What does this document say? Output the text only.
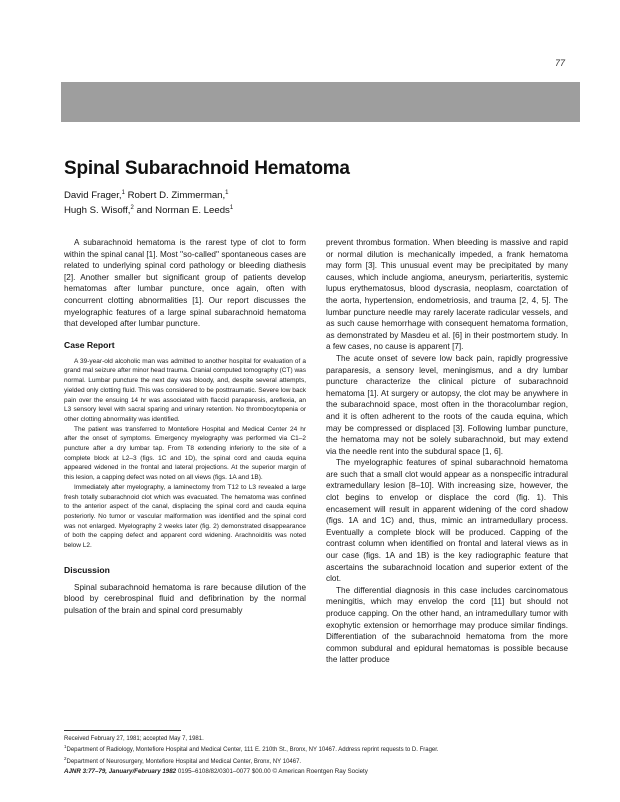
77
Spinal Subarachnoid Hematoma
David Frager,$^1$ Robert D. Zimmerman,$^1$
Hugh S. Wisoff,$^2$ and Norman E. Leeds$^1$

A subarachnoid hematoma is the rarest type of clot to form within the spinal canal [1]. Most ''so-called'' spontaneous cases are related to underlying spinal cord pathology or bleeding diathesis [2]. Another smaller but significant group of patients develop hematomas after lumbar puncture, once again, often with concurrent clotting abnormalities [1]. Our report discusses the myelographic features of a large spinal subarachnoid hematoma that developed after lumbar puncture.

Case Report

A 39-year-old alcoholic man was admitted to another hospital for evaluation of a grand mal seizure after minor head trauma. Cranial computed tomography (CT) was normal. Lumbar puncture the next day was bloody, and, despite several attempts, yielded only clotting fluid. This was considered to be posttraumatic. Severe low back pain over the ensuing 14 hr was associated with flaccid paraparesis, areflexia, an L3 sensory level with sacral sparing and urinary retention. No thrombocytopenia or other clotting abnormality was identified.

The patient was transferred to Montefiore Hospital and Medical Center 24 hr after the onset of symptoms. Emergency myelography was performed via C1–2 puncture after a dry lumbar tap. From T8 extending inferiorly to the site of a complete block at L2–3 (figs. 1C and 1D), the spinal cord and cauda equina appeared widened in the frontal and lateral projections. At the superior margin of this lesion, a capping defect was noted on all views (figs. 1A and 1B).

Immediately after myelography, a laminectomy from T12 to L3 revealed a large fresh totally subarachnoid clot which was evacuated. The hematoma was confined to the anterior aspect of the canal, displacing the spinal cord and cauda equina posteriorly. No tumor or vascular malformation was identified and the spinal cord was not enlarged. Myelography 2 weeks later (fig. 2) demonstrated disappearance of both the capping defect and apparent cord widening. Arachnoiditis was noted below L2.

Discussion

Spinal subarachnoid hematoma is rare because dilution of the blood by cerebrospinal fluid and defibrination by the normal pulsation of the brain and spinal cord presumably

prevent thrombus formation. When bleeding is massive and rapid or normal dilution is mechanically impeded, a frank hematoma may form [3]. This unusual event may be precipitated by many causes, which include angioma, aneurysm, periarteritis, systemic lupus erythematosus, blood dyscrasia, neoplasm, coarctation of the aorta, hypertension, endometriosis, and trauma [2, 4, 5]. The lumbar puncture needle may rarely lacerate radicular vessels, and as such cause hemorrhage with consequent hematoma formation, as demonstrated by Masdeu et al. [6] in their postmortem study. In a few cases, no cause is apparent [7].

The acute onset of severe low back pain, rapidly progressive paraparesis, a sensory level, meningismus, and a dry lumbar puncture characterize the clinical picture of subarachnoid hematoma [1]. At surgery or autopsy, the clot may be anywhere in the subarachnoid space, most often in the thoracolumbar region, and it is often adherent to the roots of the cauda equina, which may be compressed or displaced [3]. Following lumbar puncture, the hematoma may not be solely subarachnoid, but may extend via the needle rent into the subdural space [1, 6].

The myelographic features of spinal subarachnoid hematoma are such that a small clot would appear as a nonspecific intradural extramedullary lesion [8–10]. With increasing size, however, the clot begins to envelop or displace the cord (fig. 1). This encasement will result in apparent widening of the cord shadow (figs. 1A and 1C) and, thus, mimic an intramedullary process. Eventually a complete block will be produced. Capping of the contrast column when identified on frontal and lateral views as in our case (figs. 1A and 1B) is the key radiographic feature that ascertains the subarachnoid location and superior extent of the clot.

The differential diagnosis in this case includes carcinomatous meningitis, which may envelop the cord [11] but should not produce capping. On the other hand, an intramedullary tumor with exophytic extension or hemorrhage may produce similar findings. Differentiation of the subarachnoid hematoma from the more common subdural and epidural hematomas is possible because the latter produce

Received February 27, 1981; accepted May 7, 1981.
$^1$Department of Radiology, Montefiore Hospital and Medical Center, 111 E. 210th St., Bronx, NY 10467. Address reprint requests to D. Frager.
$^2$Department of Neurosurgery, Montefiore Hospital and Medical Center, Bronx, NY 10467.
AJNR 3:77–79, January/February 1982 0195–6108/82/0301–0077 $00.00 © American Roentgen Ray Society
